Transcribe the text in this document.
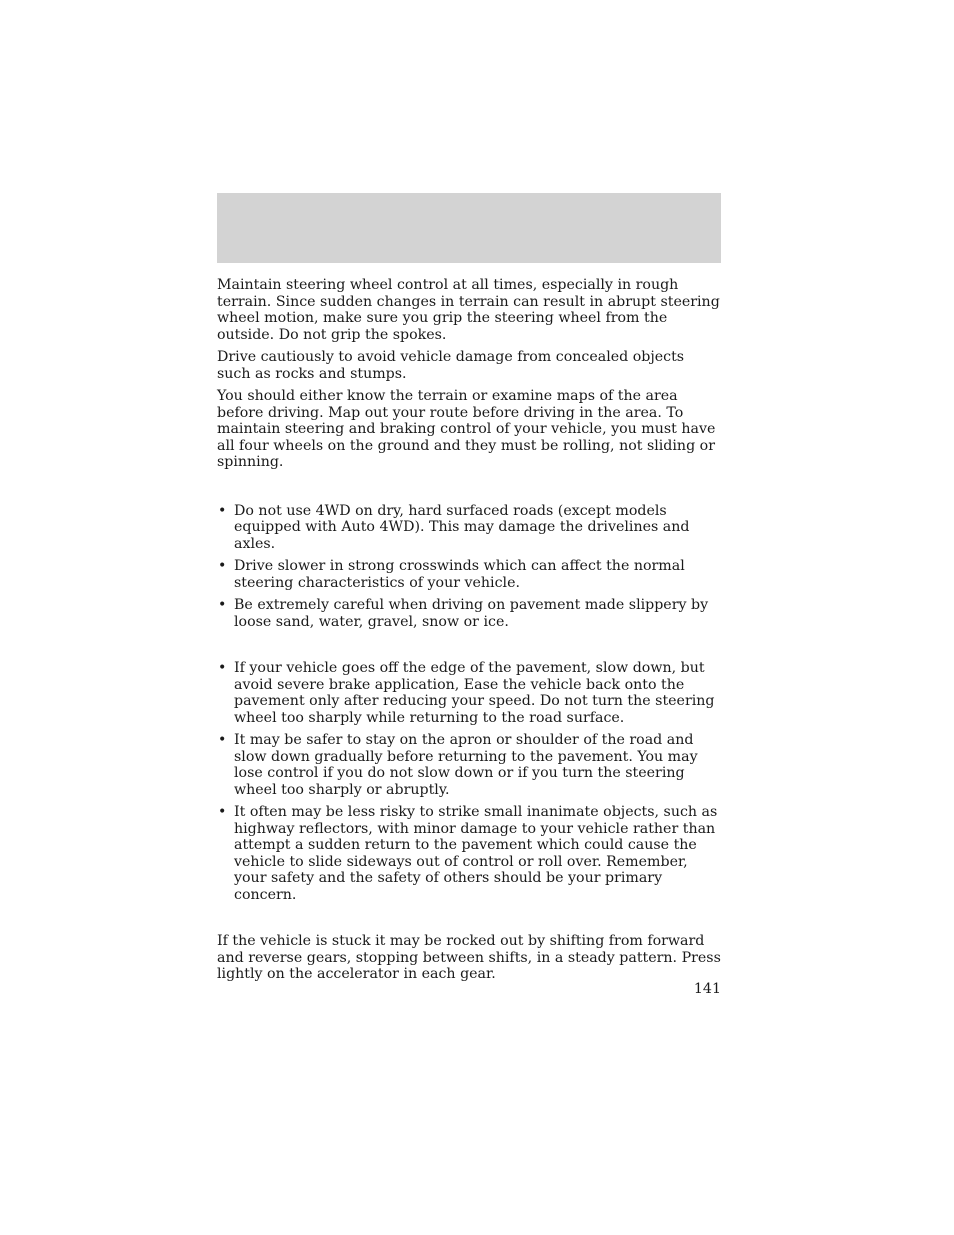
Maintain steering wheel control at all times, especially in rough terrain. Since sudden changes in terrain can result in abrupt steering wheel motion, make sure you grip the steering wheel from the outside. Do not grip the spokes.

Drive cautiously to avoid vehicle damage from concealed objects such as rocks and stumps.

You should either know the terrain or examine maps of the area before driving. Map out your route before driving in the area. To maintain steering and braking control of your vehicle, you must have all four wheels on the ground and they must be rolling, not sliding or spinning.

• Do not use 4WD on dry, hard surfaced roads (except models equipped with Auto 4WD). This may damage the drivelines and axles.
• Drive slower in strong crosswinds which can affect the normal steering characteristics of your vehicle.
• Be extremely careful when driving on pavement made slippery by loose sand, water, gravel, snow or ice.
• If your vehicle goes off the edge of the pavement, slow down, but avoid severe brake application, Ease the vehicle back onto the pavement only after reducing your speed. Do not turn the steering wheel too sharply while returning to the road surface.
• It may be safer to stay on the apron or shoulder of the road and slow down gradually before returning to the pavement. You may lose control if you do not slow down or if you turn the steering wheel too sharply or abruptly.
• It often may be less risky to strike small inanimate objects, such as highway reflectors, with minor damage to your vehicle rather than attempt a sudden return to the pavement which could cause the vehicle to slide sideways out of control or roll over. Remember, your safety and the safety of others should be your primary concern.

If the vehicle is stuck it may be rocked out by shifting from forward and reverse gears, stopping between shifts, in a steady pattern. Press lightly on the accelerator in each gear.

141
